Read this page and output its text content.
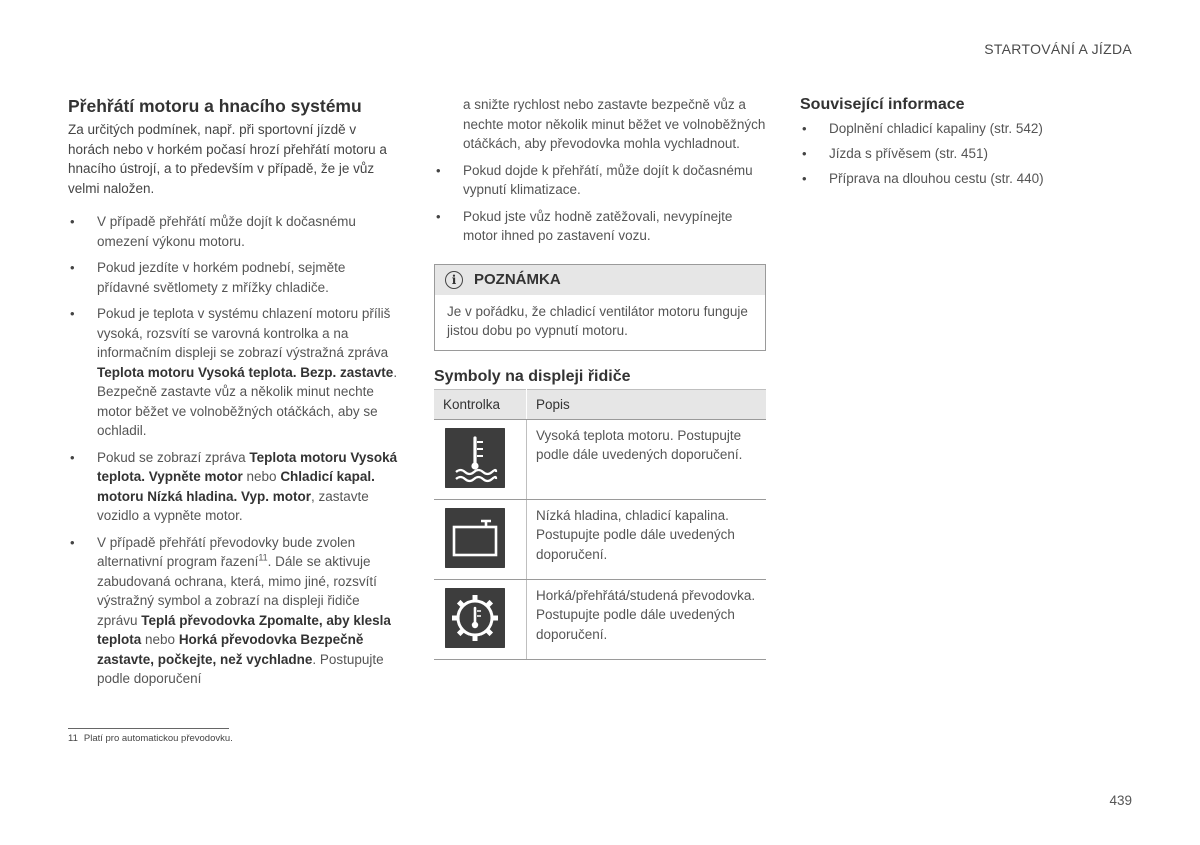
STARTOVÁNÍ A JÍZDA
Přehřátí motoru a hnacího systému

Za určitých podmínek, např. při sportovní jízdě v horách nebo v horkém počasí hrozí přehřátí motoru a hnacího ústrojí, a to především v případě, že je vůz velmi naložen.

• V případě přehřátí může dojít k dočasnému omezení výkonu motoru.
• Pokud jezdíte v horkém podnebí, sejměte přídavné světlomety z mřížky chladiče.
• Pokud je teplota v systému chlazení motoru příliš vysoká, rozsvítí se varovná kontrolka a na informačním displeji se zobrazí výstražná zpráva Teplota motoru Vysoká teplota. Bezp. zastavte. Bezpečně zastavte vůz a několik minut nechte motor běžet ve volnoběžných otáčkách, aby se ochladil.
• Pokud se zobrazí zpráva Teplota motoru Vysoká teplota. Vypněte motor nebo Chladicí kapal. motoru Nízká hladina. Vyp. motor, zastavte vozidlo a vypněte motor.
• V případě přehřátí převodovky bude zvolen alternativní program řazení$^{11}$. Dále se aktivuje zabudovaná ochrana, která, mimo jiné, rozsvítí výstražný symbol a zobrazí na displeji řidiče zprávu Teplá převodovka Zpomalte, aby klesla teplota nebo Horká převodovka Bezpečně zastavte, počkejte, než vychladne. Postupujte podle doporučení

a snižte rychlost nebo zastavte bezpečně vůz a nechte motor několik minut běžet ve volnoběžných otáčkách, aby převodovka mohla vychladnout.

• Pokud dojde k přehřátí, může dojít k dočasnému vypnutí klimatizace.
• Pokud jste vůz hodně zatěžovali, nevypínejte motor ihned po zastavení vozu.
i	POZNÁMKA
Je v pořádku, že chladicí ventilátor motoru funguje jistou dobu po vypnutí motoru.
Symboly na displeji řidiče
Kontrolka	Popis

	Vysoká teplota motoru. Postupujte podle dále uvedených doporučení.

	Nízká hladina, chladicí kapalina. Postupujte podle dále uvedených doporučení.

	Horká/přehřátá/studená převodovka. Postupujte podle dále uvedených doporučení.
Související informace
• Doplnění chladicí kapaliny (str. 542)
• Jízda s přívěsem (str. 451)
• Příprava na dlouhou cestu (str. 440)
11 Platí pro automatickou převodovku.
439
